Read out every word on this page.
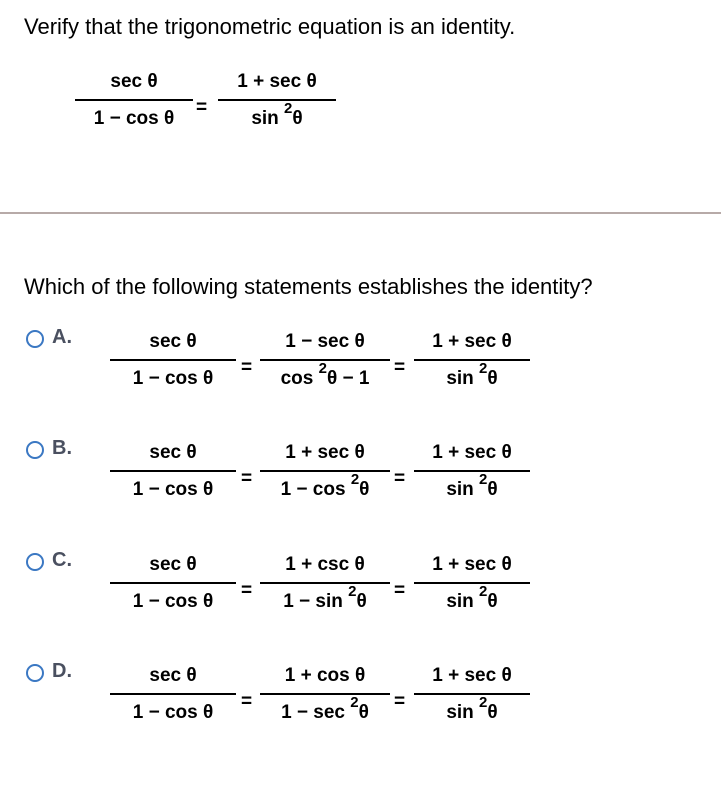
Verify that the trigonometric equation is an identity.
sec θ
1 − cos θ	=
1 + sec θ
sin $^2$θ
Which of the following statements establishes the identity?
A.	sec θ
1 − cos θ	=
1 − sec θ
cos $^2$θ − 1	=
1 + sec θ
sin $^2$θ
B.	sec θ
1 − cos θ	=
1 + sec θ
1 − cos $^2$θ	=
1 + sec θ
sin $^2$θ
C.	sec θ
1 − cos θ	=
1 + csc θ
1 − sin $^2$θ	=
1 + sec θ
sin $^2$θ
D.	sec θ
1 − cos θ	=
1 + cos θ
1 − sec $^2$θ	=
1 + sec θ
sin $^2$θ
